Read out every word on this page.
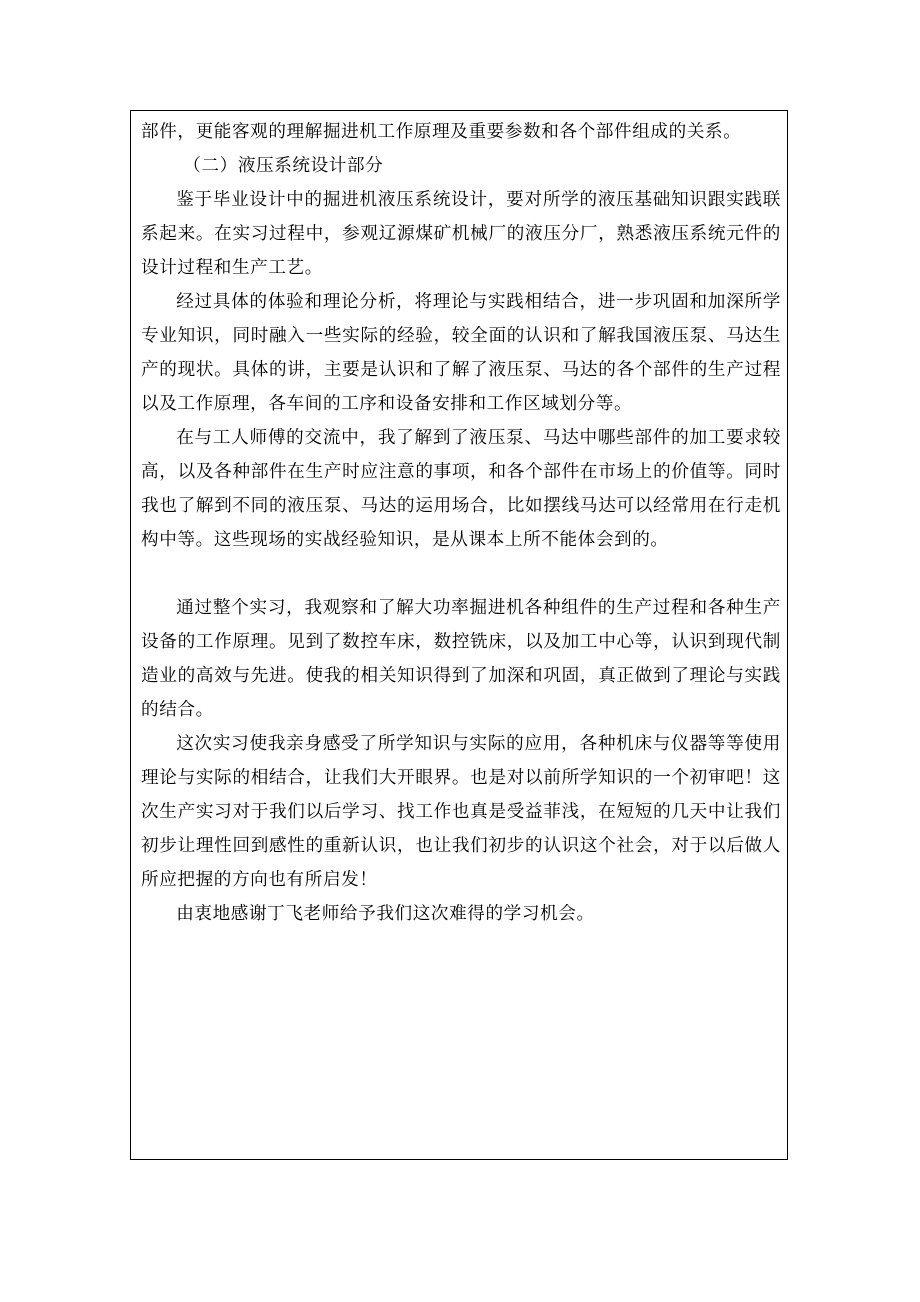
部件，更能客观的理解掘进机工作原理及重要参数和各个部件组成的关系。

（二）液压系统设计部分

鉴于毕业设计中的掘进机液压系统设计，要对所学的液压基础知识跟实践联系起来。在实习过程中，参观辽源煤矿机械厂的液压分厂，熟悉液压系统元件的设计过程和生产工艺。

经过具体的体验和理论分析，将理论与实践相结合，进一步巩固和加深所学专业知识，同时融入一些实际的经验，较全面的认识和了解我国液压泵、马达生产的现状。具体的讲，主要是认识和了解了液压泵、马达的各个部件的生产过程以及工作原理，各车间的工序和设备安排和工作区域划分等。

在与工人师傅的交流中，我了解到了液压泵、马达中哪些部件的加工要求较高，以及各种部件在生产时应注意的事项，和各个部件在市场上的价值等。同时我也了解到不同的液压泵、马达的运用场合，比如摆线马达可以经常用在行走机构中等。这些现场的实战经验知识，是从课本上所不能体会到的。

通过整个实习，我观察和了解大功率掘进机各种组件的生产过程和各种生产设备的工作原理。见到了数控车床，数控铣床，以及加工中心等，认识到现代制造业的高效与先进。使我的相关知识得到了加深和巩固，真正做到了理论与实践的结合。

这次实习使我亲身感受了所学知识与实际的应用，各种机床与仪器等等使用理论与实际的相结合，让我们大开眼界。也是对以前所学知识的一个初审吧！这次生产实习对于我们以后学习、找工作也真是受益菲浅，在短短的几天中让我们初步让理性回到感性的重新认识，也让我们初步的认识这个社会，对于以后做人所应把握的方向也有所启发！

由衷地感谢丁飞老师给予我们这次难得的学习机会。
